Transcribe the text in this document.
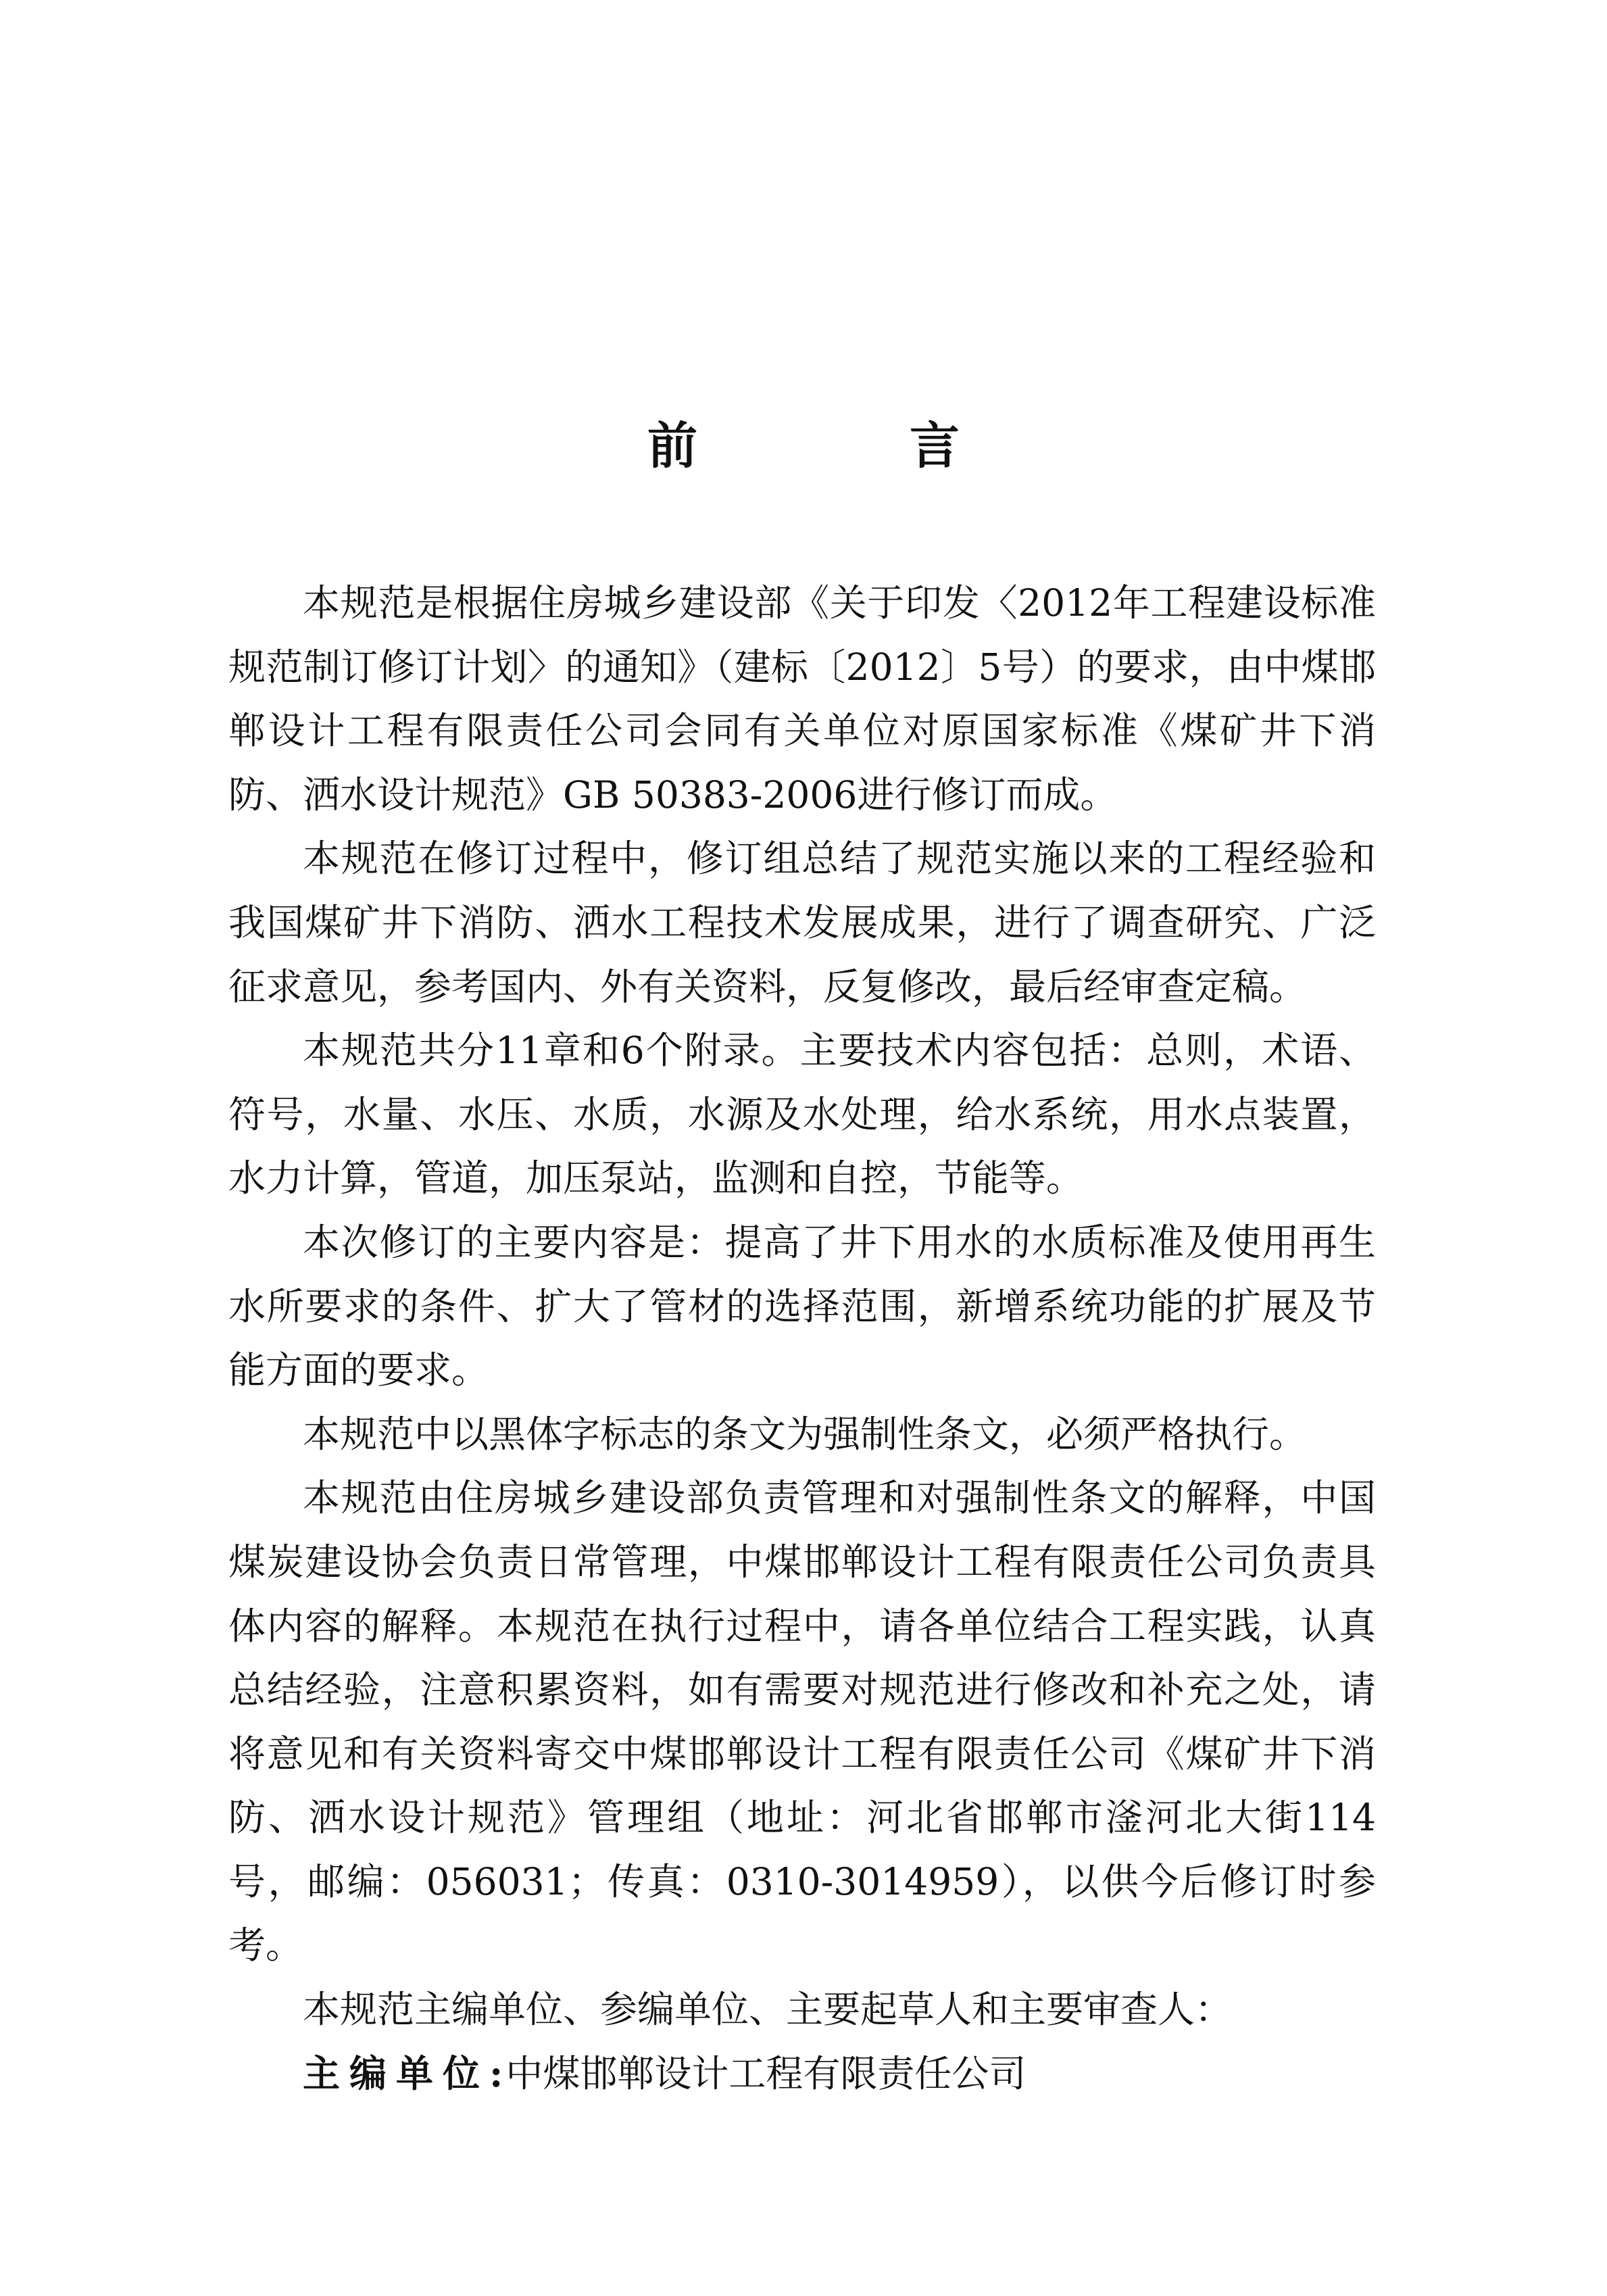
前　言

本规范是根据住房城乡建设部《关于印发〈2012年工程建设标准规范制订修订计划〉的通知》（建标〔2012〕5号）的要求，由中煤邯郸设计工程有限责任公司会同有关单位对原国家标准《煤矿井下消防、洒水设计规范》GB 50383-2006进行修订而成。

本规范在修订过程中，修订组总结了规范实施以来的工程经验和我国煤矿井下消防、洒水工程技术发展成果，进行了调查研究、广泛征求意见，参考国内、外有关资料，反复修改，最后经审查定稿。

本规范共分11章和6个附录。主要技术内容包括：总则，术语、符号，水量、水压、水质，水源及水处理，给水系统，用水点装置，水力计算，管道，加压泵站，监测和自控，节能等。

本次修订的主要内容是：提高了井下用水的水质标准及使用再生水所要求的条件、扩大了管材的选择范围，新增系统功能的扩展及节能方面的要求。

本规范中以黑体字标志的条文为强制性条文，必须严格执行。

本规范由住房城乡建设部负责管理和对强制性条文的解释，中国煤炭建设协会负责日常管理，中煤邯郸设计工程有限责任公司负责具体内容的解释。本规范在执行过程中，请各单位结合工程实践，认真总结经验，注意积累资料，如有需要对规范进行修改和补充之处，请将意见和有关资料寄交中煤邯郸设计工程有限责任公司《煤矿井下消防、洒水设计规范》管理组（地址：河北省邯郸市滏河北大街114号，邮编：056031；传真：0310-3014959），以供今后修订时参考。

本规范主编单位、参编单位、主要起草人和主要审查人：

主编单位:中煤邯郸设计工程有限责任公司
